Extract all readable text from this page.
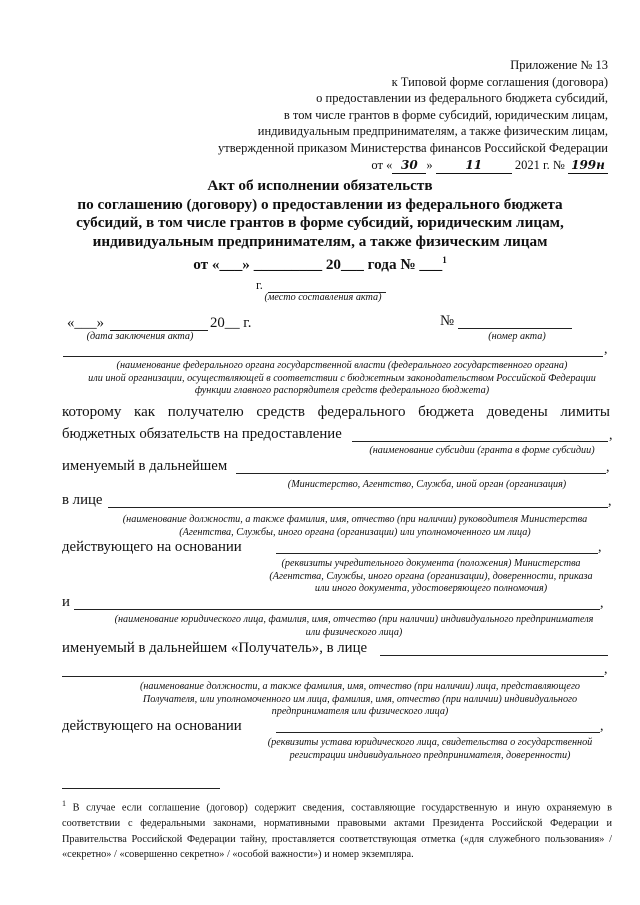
Приложение № 13
к Типовой форме соглашения (договора)
о предоставлении из федерального бюджета субсидий,
в том числе грантов в форме субсидий, юридическим лицам,
индивидуальным предпринимателям, а также физическим лицам,
утвержденной приказом Министерства финансов Российской Федерации
от « 30 »	11	2021 г. № 199н
Акт об исполнении обязательств
по соглашению (договору) о предоставлении из федерального бюджета
субсидий, в том числе грантов в форме субсидий, юридическим лицам,
индивидуальным предпринимателям, а также физическим лицам
от «___» _________ 20___ года № ___$^1$
г.
(место составления акта)
«___»	20__ г.
(дата заключения акта)
№
(номер акта)
,
(наименование федерального органа государственной власти (федерального государственного органа)
или иной организации, осуществляющей в соответствии с бюджетным законодательством Российской Федерации
функции главного распорядителя средств федерального бюджета)
которому как получателю средств федерального бюджета доведены лимиты
бюджетных обязательств на предоставление	,
(наименование субсидии (гранта в форме субсидии)
именуемый в дальнейшем	,
(Министерство, Агентство, Служба, иной орган (организация)
в лице	,
(наименование должности, а также фамилия, имя, отчество (при наличии) руководителя Министерства
(Агентства, Службы, иного органа (организации) или уполномоченного им лица)
действующего на основании	,
(реквизиты учредительного документа (положения) Министерства
(Агентства, Службы, иного органа (организации), доверенности, приказа
или иного документа, удостоверяющего полномочия)
и	,
(наименование юридического лица, фамилия, имя, отчество (при наличии) индивидуального предпринимателя
или физического лица)
именуемый в дальнейшем «Получатель», в лице
,
(наименование должности, а также фамилия, имя, отчество (при наличии) лица, представляющего
Получателя, или уполномоченного им лица, фамилия, имя, отчество (при наличии) индивидуального
предпринимателя или физического лица)
действующего на основании	,
(реквизиты устава юридического лица, свидетельства о государственной
регистрации индивидуального предпринимателя, доверенности)
$^1$ В случае если соглашение (договор) содержит сведения, составляющие государственную и иную охраняемую в соответствии с федеральными законами, нормативными правовыми актами Президента Российской Федерации и Правительства Российской Федерации тайну, проставляется соответствующая отметка («для служебного пользования» / «секретно» / «совершенно секретно» / «особой важности») и номер экземпляра.
